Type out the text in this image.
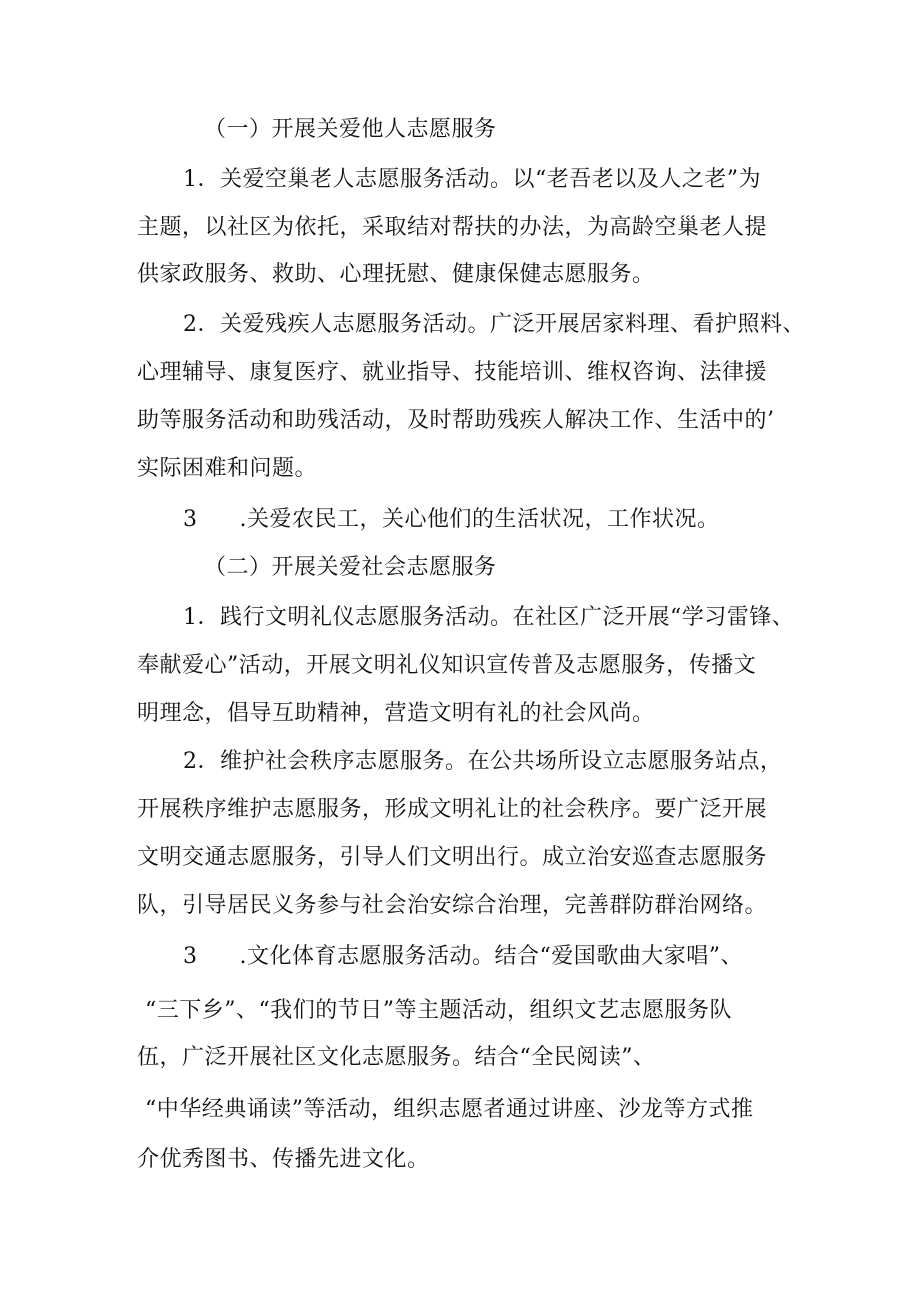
（一）开展关爱他人志愿服务
1．关爱空巢老人志愿服务活动。以“老吾老以及人之老”为
主题，以社区为依托，采取结对帮扶的办法，为高龄空巢老人提
供家政服务、救助、心理抚慰、健康保健志愿服务。
2．关爱残疾人志愿服务活动。广泛开展居家料理、看护照料、
心理辅导、康复医疗、就业指导、技能培训、维权咨询、法律援
助等服务活动和助残活动，及时帮助残疾人解决工作、生活中的’
实际困难和问题。
3 .关爱农民工，关心他们的生活状况，工作状况。
（二）开展关爱社会志愿服务
1．践行文明礼仪志愿服务活动。在社区广泛开展“学习雷锋、
奉献爱心”活动，开展文明礼仪知识宣传普及志愿服务，传播文
明理念，倡导互助精神，营造文明有礼的社会风尚。
2．维护社会秩序志愿服务。在公共场所设立志愿服务站点，
开展秩序维护志愿服务，形成文明礼让的社会秩序。要广泛开展
文明交通志愿服务，引导人们文明出行。成立治安巡查志愿服务
队，引导居民义务参与社会治安综合治理，完善群防群治网络。
3 .文化体育志愿服务活动。结合“爱国歌曲大家唱”、
“三下乡”、“我们的节日”等主题活动，组织文艺志愿服务队
伍，广泛开展社区文化志愿服务。结合“全民阅读”、
“中华经典诵读”等活动，组织志愿者通过讲座、沙龙等方式推
介优秀图书、传播先进文化。
